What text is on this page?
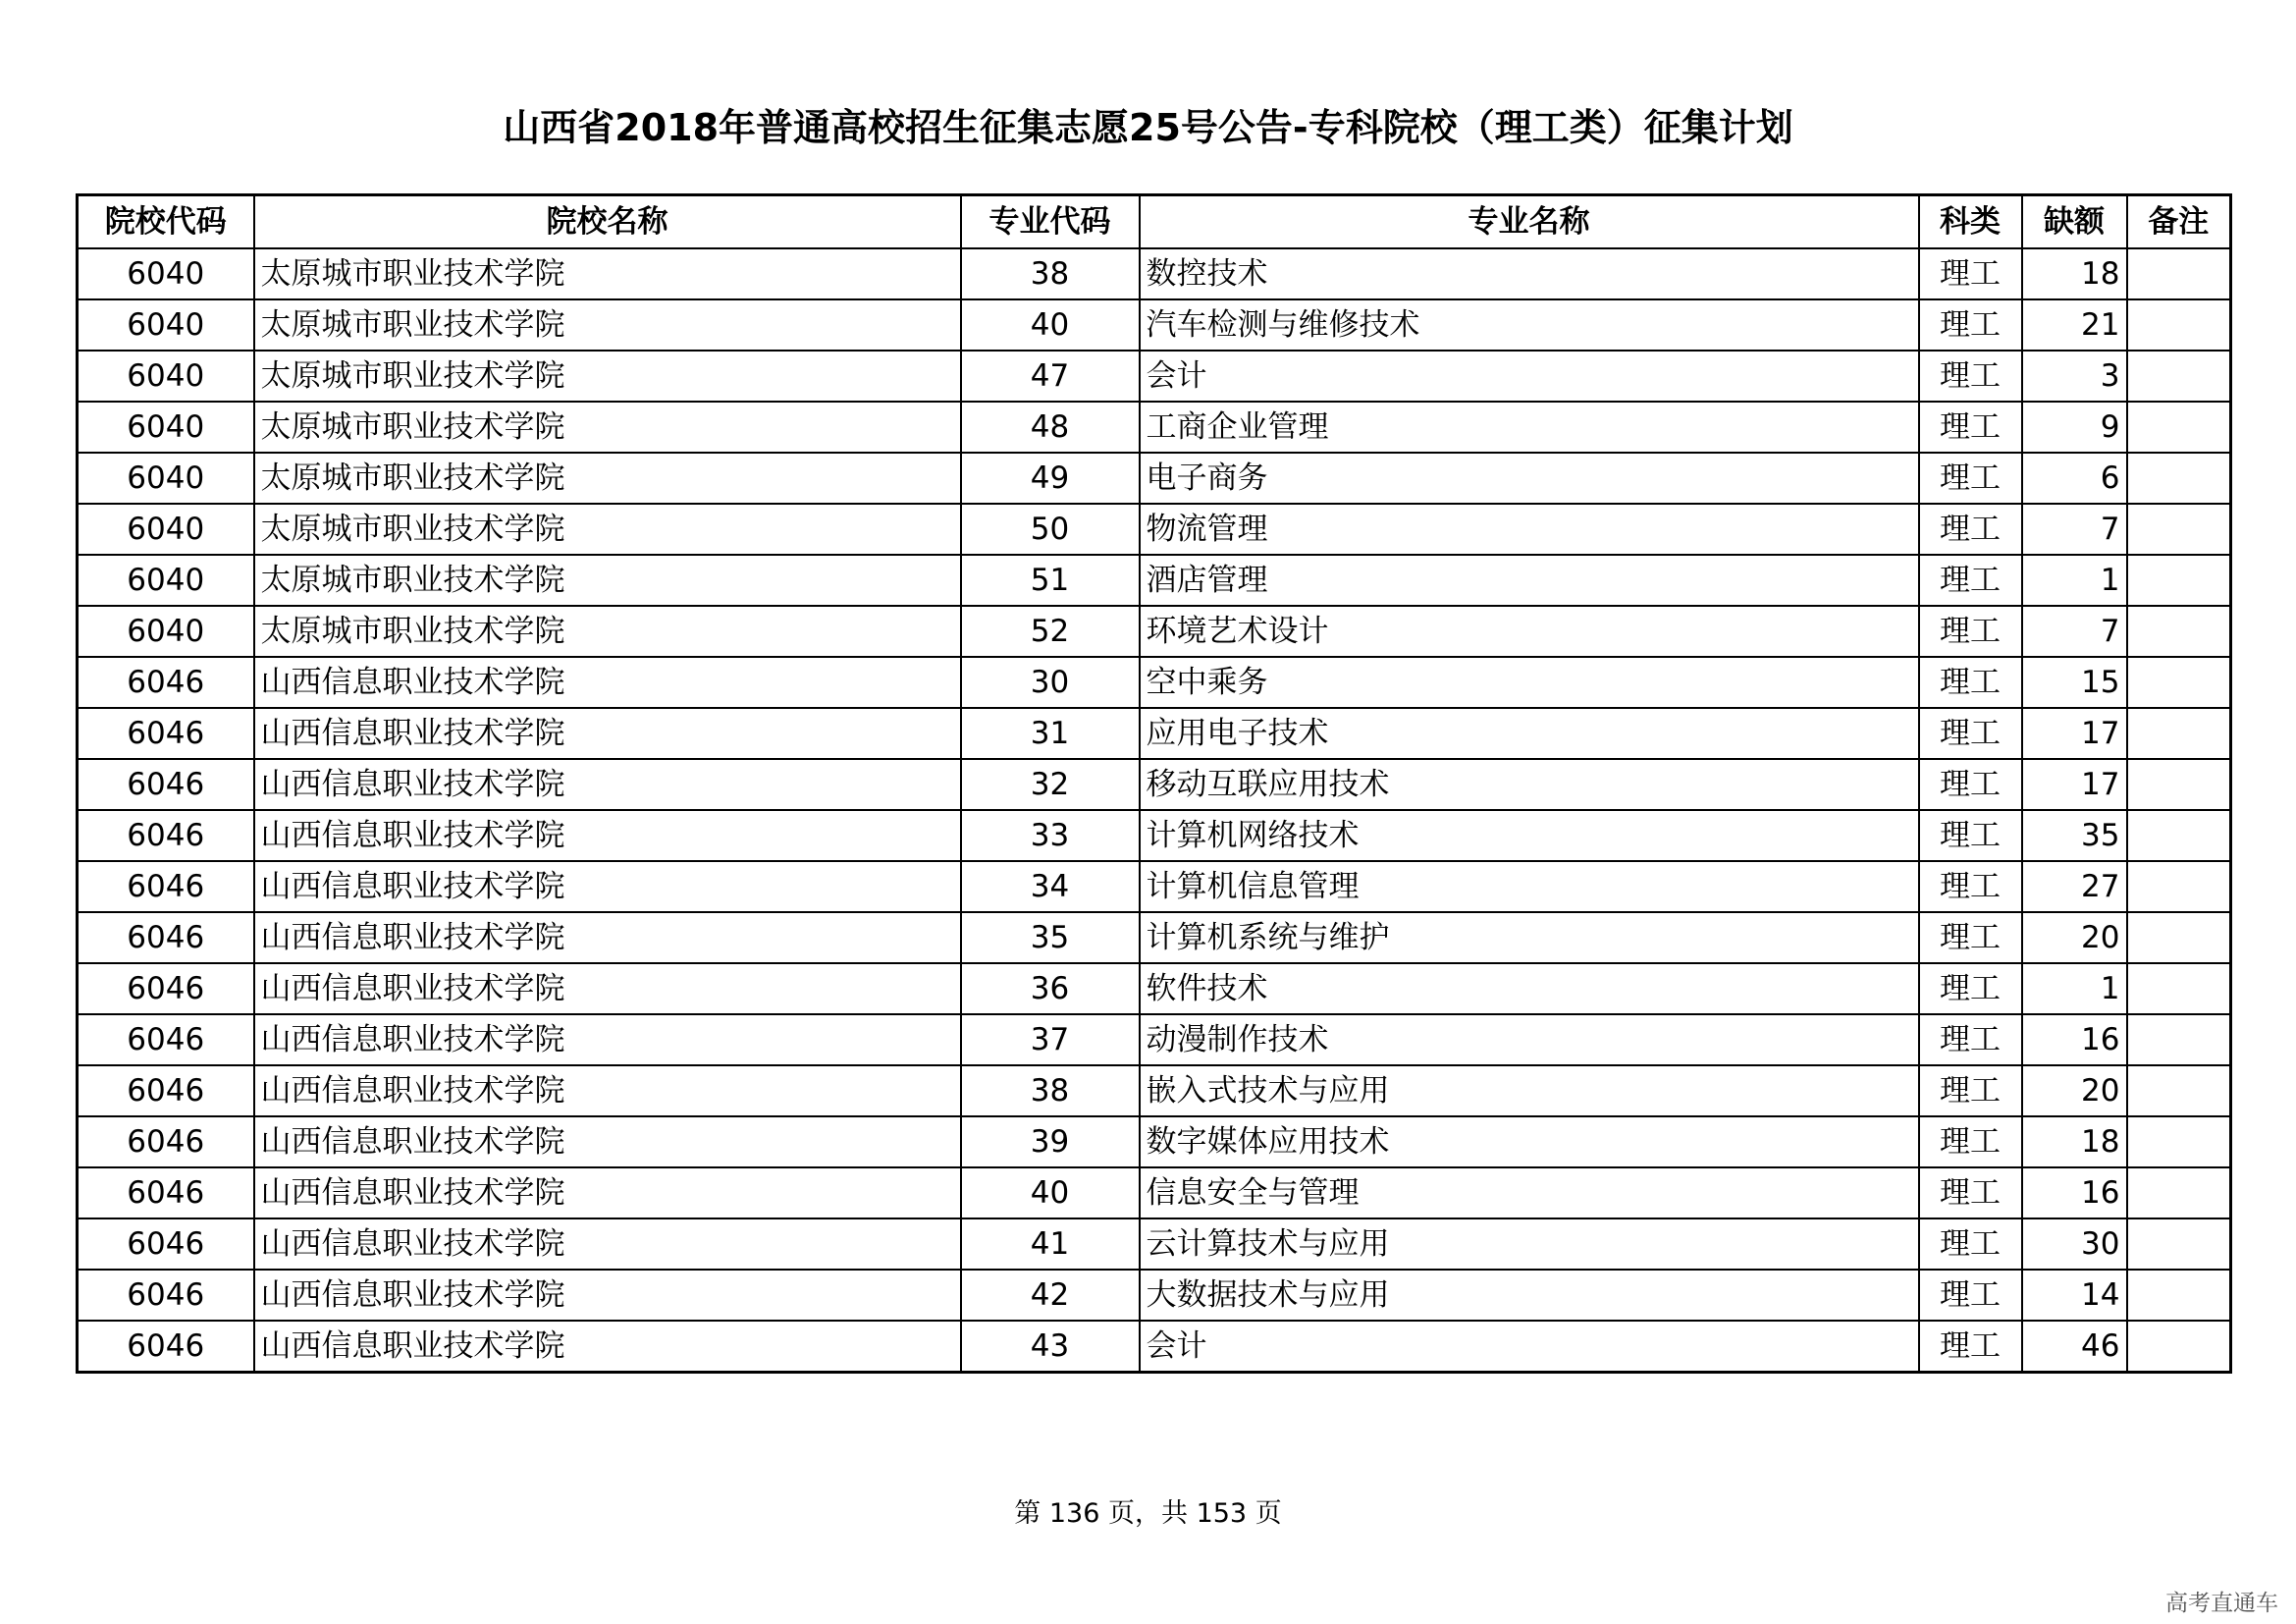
山西省2018年普通高校招生征集志愿25号公告-专科院校（理工类）征集计划
院校代码	院校名称	专业代码	专业名称	科类	缺额	备注
6040	太原城市职业技术学院	38	数控技术	理工	18	
6040	太原城市职业技术学院	40	汽车检测与维修技术	理工	21	
6040	太原城市职业技术学院	47	会计	理工	3	
6040	太原城市职业技术学院	48	工商企业管理	理工	9	
6040	太原城市职业技术学院	49	电子商务	理工	6	
6040	太原城市职业技术学院	50	物流管理	理工	7	
6040	太原城市职业技术学院	51	酒店管理	理工	1	
6040	太原城市职业技术学院	52	环境艺术设计	理工	7	
6046	山西信息职业技术学院	30	空中乘务	理工	15	
6046	山西信息职业技术学院	31	应用电子技术	理工	17	
6046	山西信息职业技术学院	32	移动互联应用技术	理工	17	
6046	山西信息职业技术学院	33	计算机网络技术	理工	35	
6046	山西信息职业技术学院	34	计算机信息管理	理工	27	
6046	山西信息职业技术学院	35	计算机系统与维护	理工	20	
6046	山西信息职业技术学院	36	软件技术	理工	1	
6046	山西信息职业技术学院	37	动漫制作技术	理工	16	
6046	山西信息职业技术学院	38	嵌入式技术与应用	理工	20	
6046	山西信息职业技术学院	39	数字媒体应用技术	理工	18	
6046	山西信息职业技术学院	40	信息安全与管理	理工	16	
6046	山西信息职业技术学院	41	云计算技术与应用	理工	30	
6046	山西信息职业技术学院	42	大数据技术与应用	理工	14	
6046	山西信息职业技术学院	43	会计	理工	46	
第 136 页，共 153 页
高考直通车
